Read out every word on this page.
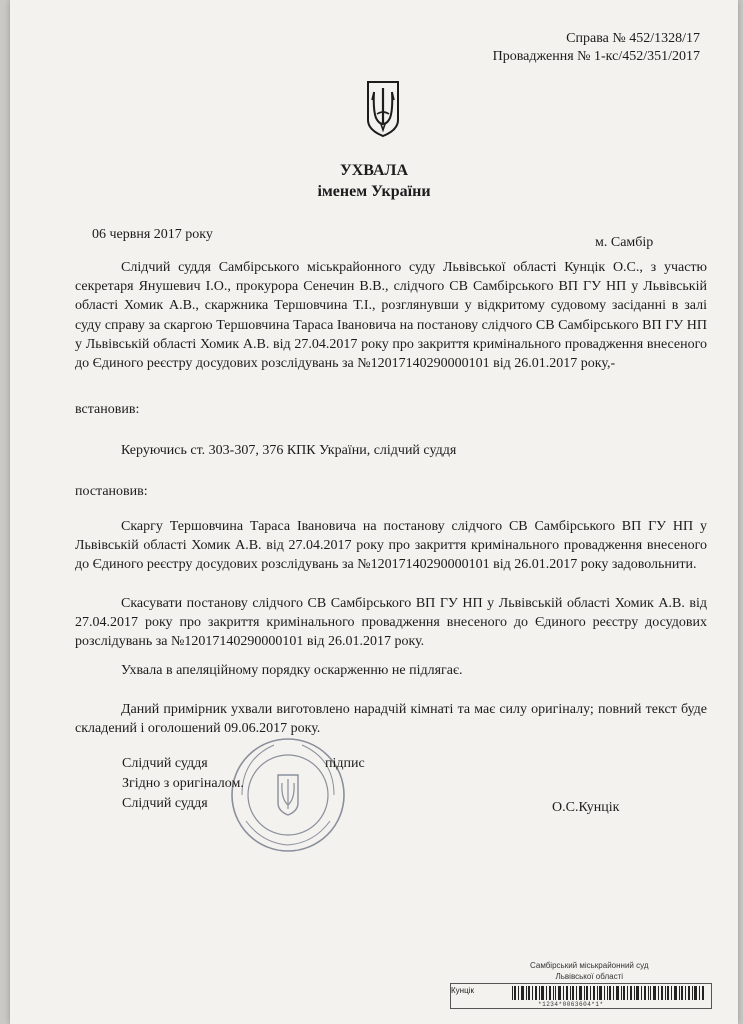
Справа № 452/1328/17
Провадження № 1-кс/452/351/2017
УХВАЛА
іменем України
06 червня 2017 року
м. Самбір
Слідчий суддя Самбірського міськрайонного суду Львівської області Кунцік О.С., з участю секретаря Янушевич І.О., прокурора Сенечин В.В., слідчого СВ Самбірського ВП ГУ НП у Львівській області Хомик А.В., скаржника Тершовчина Т.І., розглянувши у відкритому судовому засіданні в залі суду справу за скаргою Тершовчина Тараса Івановича на постанову слідчого СВ Самбірського ВП ГУ НП у Львівській області Хомик А.В. від 27.04.2017 року про закриття кримінального провадження внесеного до Єдиного реєстру досудових розслідувань за №12017140290000101 від 26.01.2017 року,-
встановив:
Керуючись ст. 303-307, 376 КПК України, слідчий суддя
постановив:
Скаргу Тершовчина Тараса Івановича на постанову слідчого СВ Самбірського ВП ГУ НП у Львівській області Хомик А.В. від 27.04.2017 року про закриття кримінального провадження внесеного до Єдиного реєстру досудових розслідувань за №12017140290000101 від 26.01.2017 року задовольнити.
Скасувати постанову слідчого СВ Самбірського ВП ГУ НП у Львівській області Хомик А.В. від 27.04.2017 року про закриття кримінального провадження внесеного до Єдиного реєстру досудових розслідувань за №12017140290000101 від 26.01.2017 року.
Ухвала в апеляційному порядку оскарженню не підлягає.
Даний примірник ухвали виготовлено нарадчій кімнаті та має силу оригіналу; повний текст буде складений і оголошений 09.06.2017 року.
Слідчий суддя	підпис
Згідно з оригіналом.
Слідчий суддя	О.С.Кунцік
Самбірський міськрайонний суд
Львівської області
Кунцік
*1234*0063604*1*
